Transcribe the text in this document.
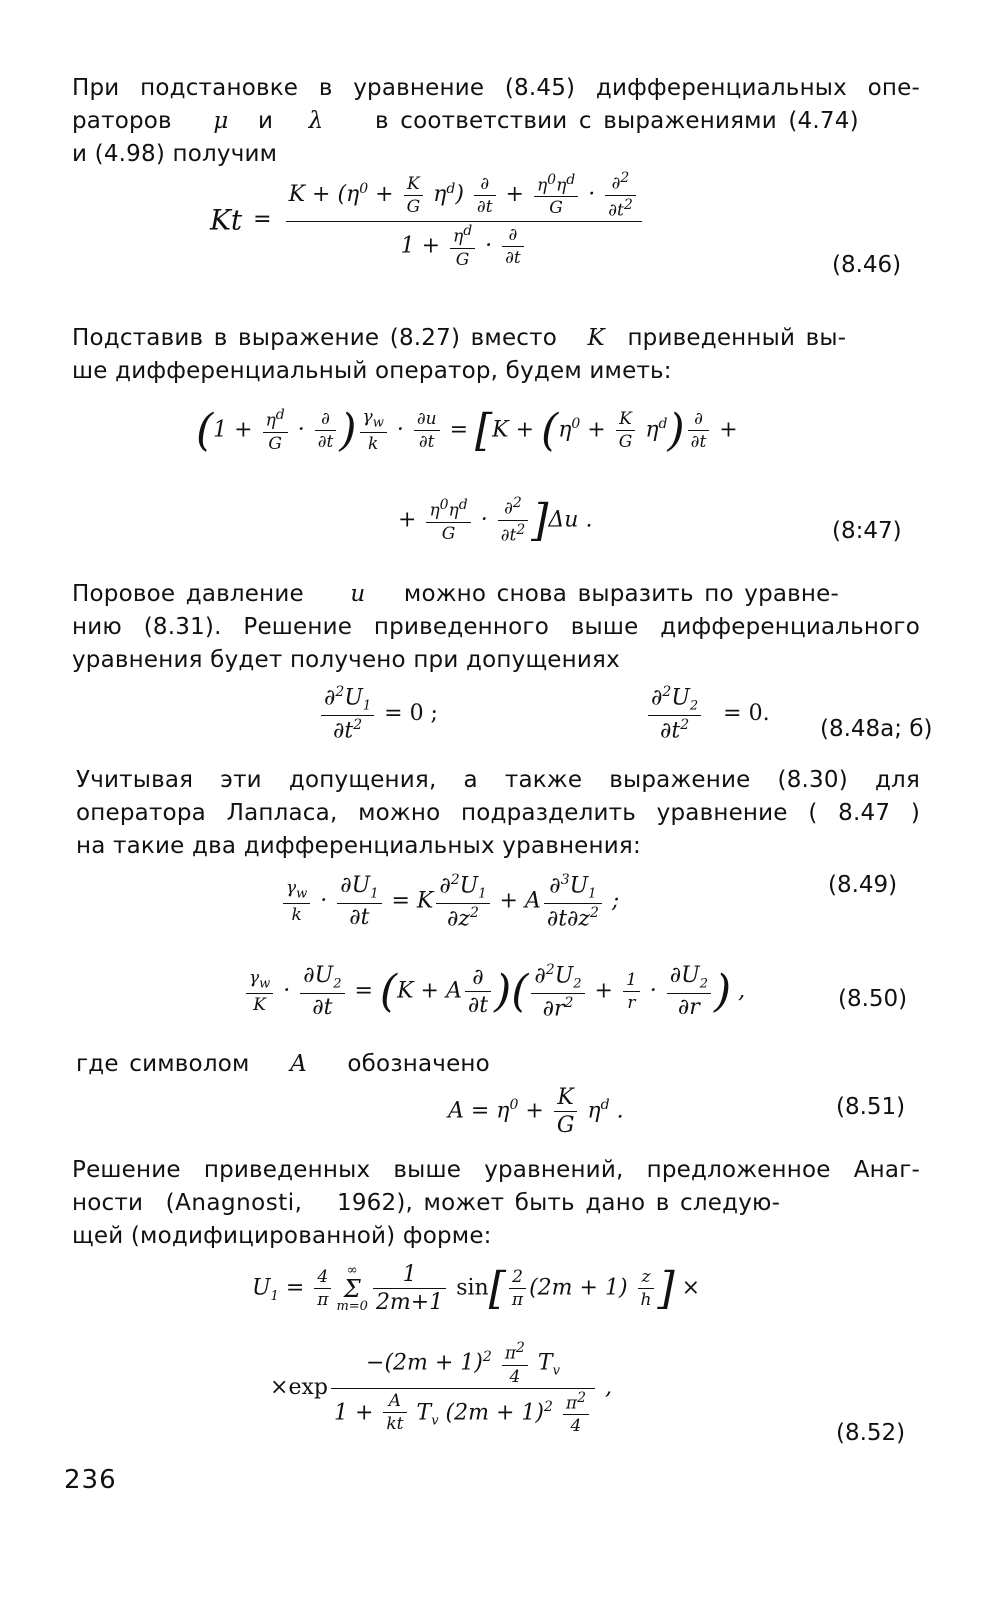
При подстановке в уравнение (8.45) дифференциальных опе-
раторов μ и λ в соответствии с выражениями (4.74)
и (4.98) получим
$Kt = \frac{K + (\eta^0 + \frac{K}{G} \eta^d) \frac{\partial}{\partial t} + \frac{\eta^0\eta^d}{G} \cdot \frac{\partial^2}{\partial t^2}}{1 + \frac{\eta^d}{G} \cdot \frac{\partial}{\partial t}}$	(8.46)
Подставив в выражение (8.27) вместо K приведенный вы-
ше дифференциальный оператор, будем иметь:
($1 + \frac{\eta^d}{G} \cdot \frac{\partial}{\partial t}$ ) $\frac{\gamma_w}{k} \cdot \frac{\partial u}{\partial t} = [K + (\eta^0 + \frac{K}{G} \eta^d) \frac{\partial}{\partial t}$ +
+ $\frac{\eta^0\eta^d}{G} \cdot \frac{\partial^2}{\partial t^2} ]\Delta u$ .	(8:47)
Поровое давление u можно снова выразить по уравне-
нию (8.31). Решение приведенного выше дифференциального
уравнения будет получено при допущениях
$\frac{\partial^2U_1}{\partial t^2} = 0$ ;	$\frac{\partial^2U_2}{\partial t^2} = 0$.
(8.48a; б)
Учитывая эти допущения, а также выражение (8.30) для
оператора Лапласа, можно подразделить уравнение ( 8.47 )
на такие два дифференциальных уравнения:
$\frac{\gamma_w}{k} \cdot \frac{\partial U_1}{\partial t} = K \frac{\partial^2U_1}{\partial z^2} + A \frac{\partial^3U_1}{\partial t\partial z^2}$ ;
(8.49)
$\frac{\gamma_w}{K} \cdot \frac{\partial U_2}{\partial t} = (K + A \frac{\partial}{\partial t}$ )( $\frac{\partial^2U_2}{\partial r^2} + \frac{1}{r} \cdot \frac{\partial U_2}{\partial r}$ ) ,	(8.50)
где символом A обозначено
$A = \eta^0 + \frac{K}{G} \eta^d$ .	(8.51)
Решение приведенных выше уравнений, предложенное Анаг-
ности (Anagnosti, 1962), может быть дано в следую-
щей (модифицированной) форме:
$U_1 = \frac{4}{\pi}$ ∞
Σ
$m=0 \frac{1}{2m+1} \sin[ \frac{2}{\pi} (2m + 1) \frac{z}{h}$ ] ×
$\times\exp \frac{-(2m + 1)^2 \frac{\pi^2}{4} T_v}{1 + \frac{A}{kt} T_v (2m + 1)^2 \frac{\pi^2}{4}}$ ,
(8.52)
236
